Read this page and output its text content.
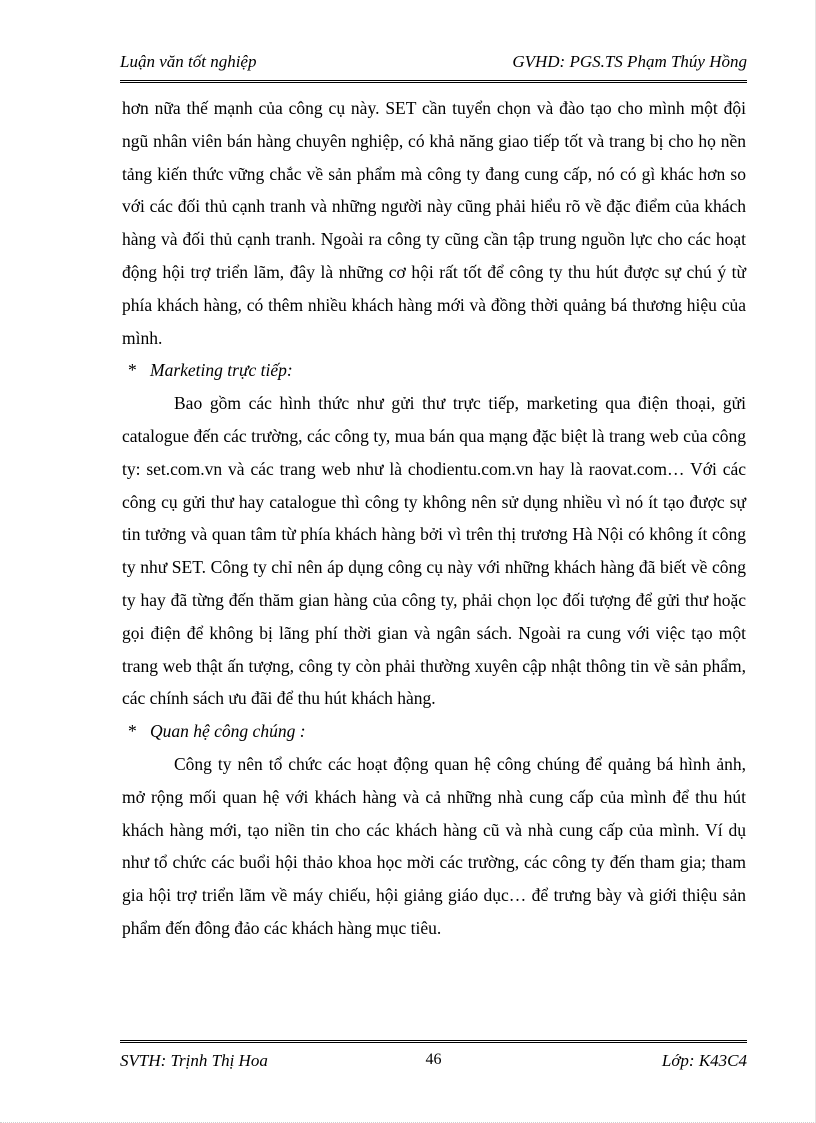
Luận văn tốt nghiệp	GVHD: PGS.TS Phạm Thúy Hồng

hơn nữa thế mạnh của công cụ này. SET cần tuyển chọn và đào tạo cho mình một đội ngũ nhân viên bán hàng chuyên nghiệp, có khả năng giao tiếp tốt và trang bị cho họ nền tảng kiến thức vững chắc về sản phẩm mà công ty đang cung cấp, nó có gì khác hơn so với các đối thủ cạnh tranh và những người này cũng phải hiểu rõ về đặc điểm của khách hàng và đối thủ cạnh tranh. Ngoài ra công ty cũng cần tập trung nguồn lực cho các hoạt động hội trợ triển lãm, đây là những cơ hội rất tốt để công ty thu hút được sự chú ý từ phía khách hàng, có thêm nhiều khách hàng mới và đồng thời quảng bá thương hiệu của mình.

* Marketing trực tiếp:

Bao gồm các hình thức như gửi thư trực tiếp, marketing qua điện thoại, gửi catalogue đến các trường, các công ty, mua bán qua mạng đặc biệt là trang web của công ty: set.com.vn và các trang web như là chodientu.com.vn hay là raovat.com… Với các công cụ gửi thư hay catalogue thì công ty không nên sử dụng nhiều vì nó ít tạo được sự tin tưởng và quan tâm từ phía khách hàng bởi vì trên thị trương Hà Nội có không ít công ty như SET. Công ty chỉ nên áp dụng công cụ này với những khách hàng đã biết về công ty hay đã từng đến thăm gian hàng của công ty, phải chọn lọc đối tượng để gửi thư hoặc gọi điện để không bị lãng phí thời gian và ngân sách. Ngoài ra cung với việc tạo một trang web thật ấn tượng, công ty còn phải thường xuyên cập nhật thông tin về sản phẩm, các chính sách ưu đãi để thu hút khách hàng.

* Quan hệ công chúng :

Công ty nên tổ chức các hoạt động quan hệ công chúng để quảng bá hình ảnh, mở rộng mối quan hệ với khách hàng và cả những nhà cung cấp của mình để thu hút khách hàng mới, tạo niền tin cho các khách hàng cũ và nhà cung cấp của mình. Ví dụ như tổ chức các buổi hội thảo khoa học mời các trường, các công ty đến tham gia; tham gia hội trợ triển lãm về máy chiếu, hội giảng giáo dục… để trưng bày và giới thiệu sản phẩm đến đông đảo các khách hàng mục tiêu.

SVTH: Trịnh Thị Hoa	46	Lớp: K43C4
